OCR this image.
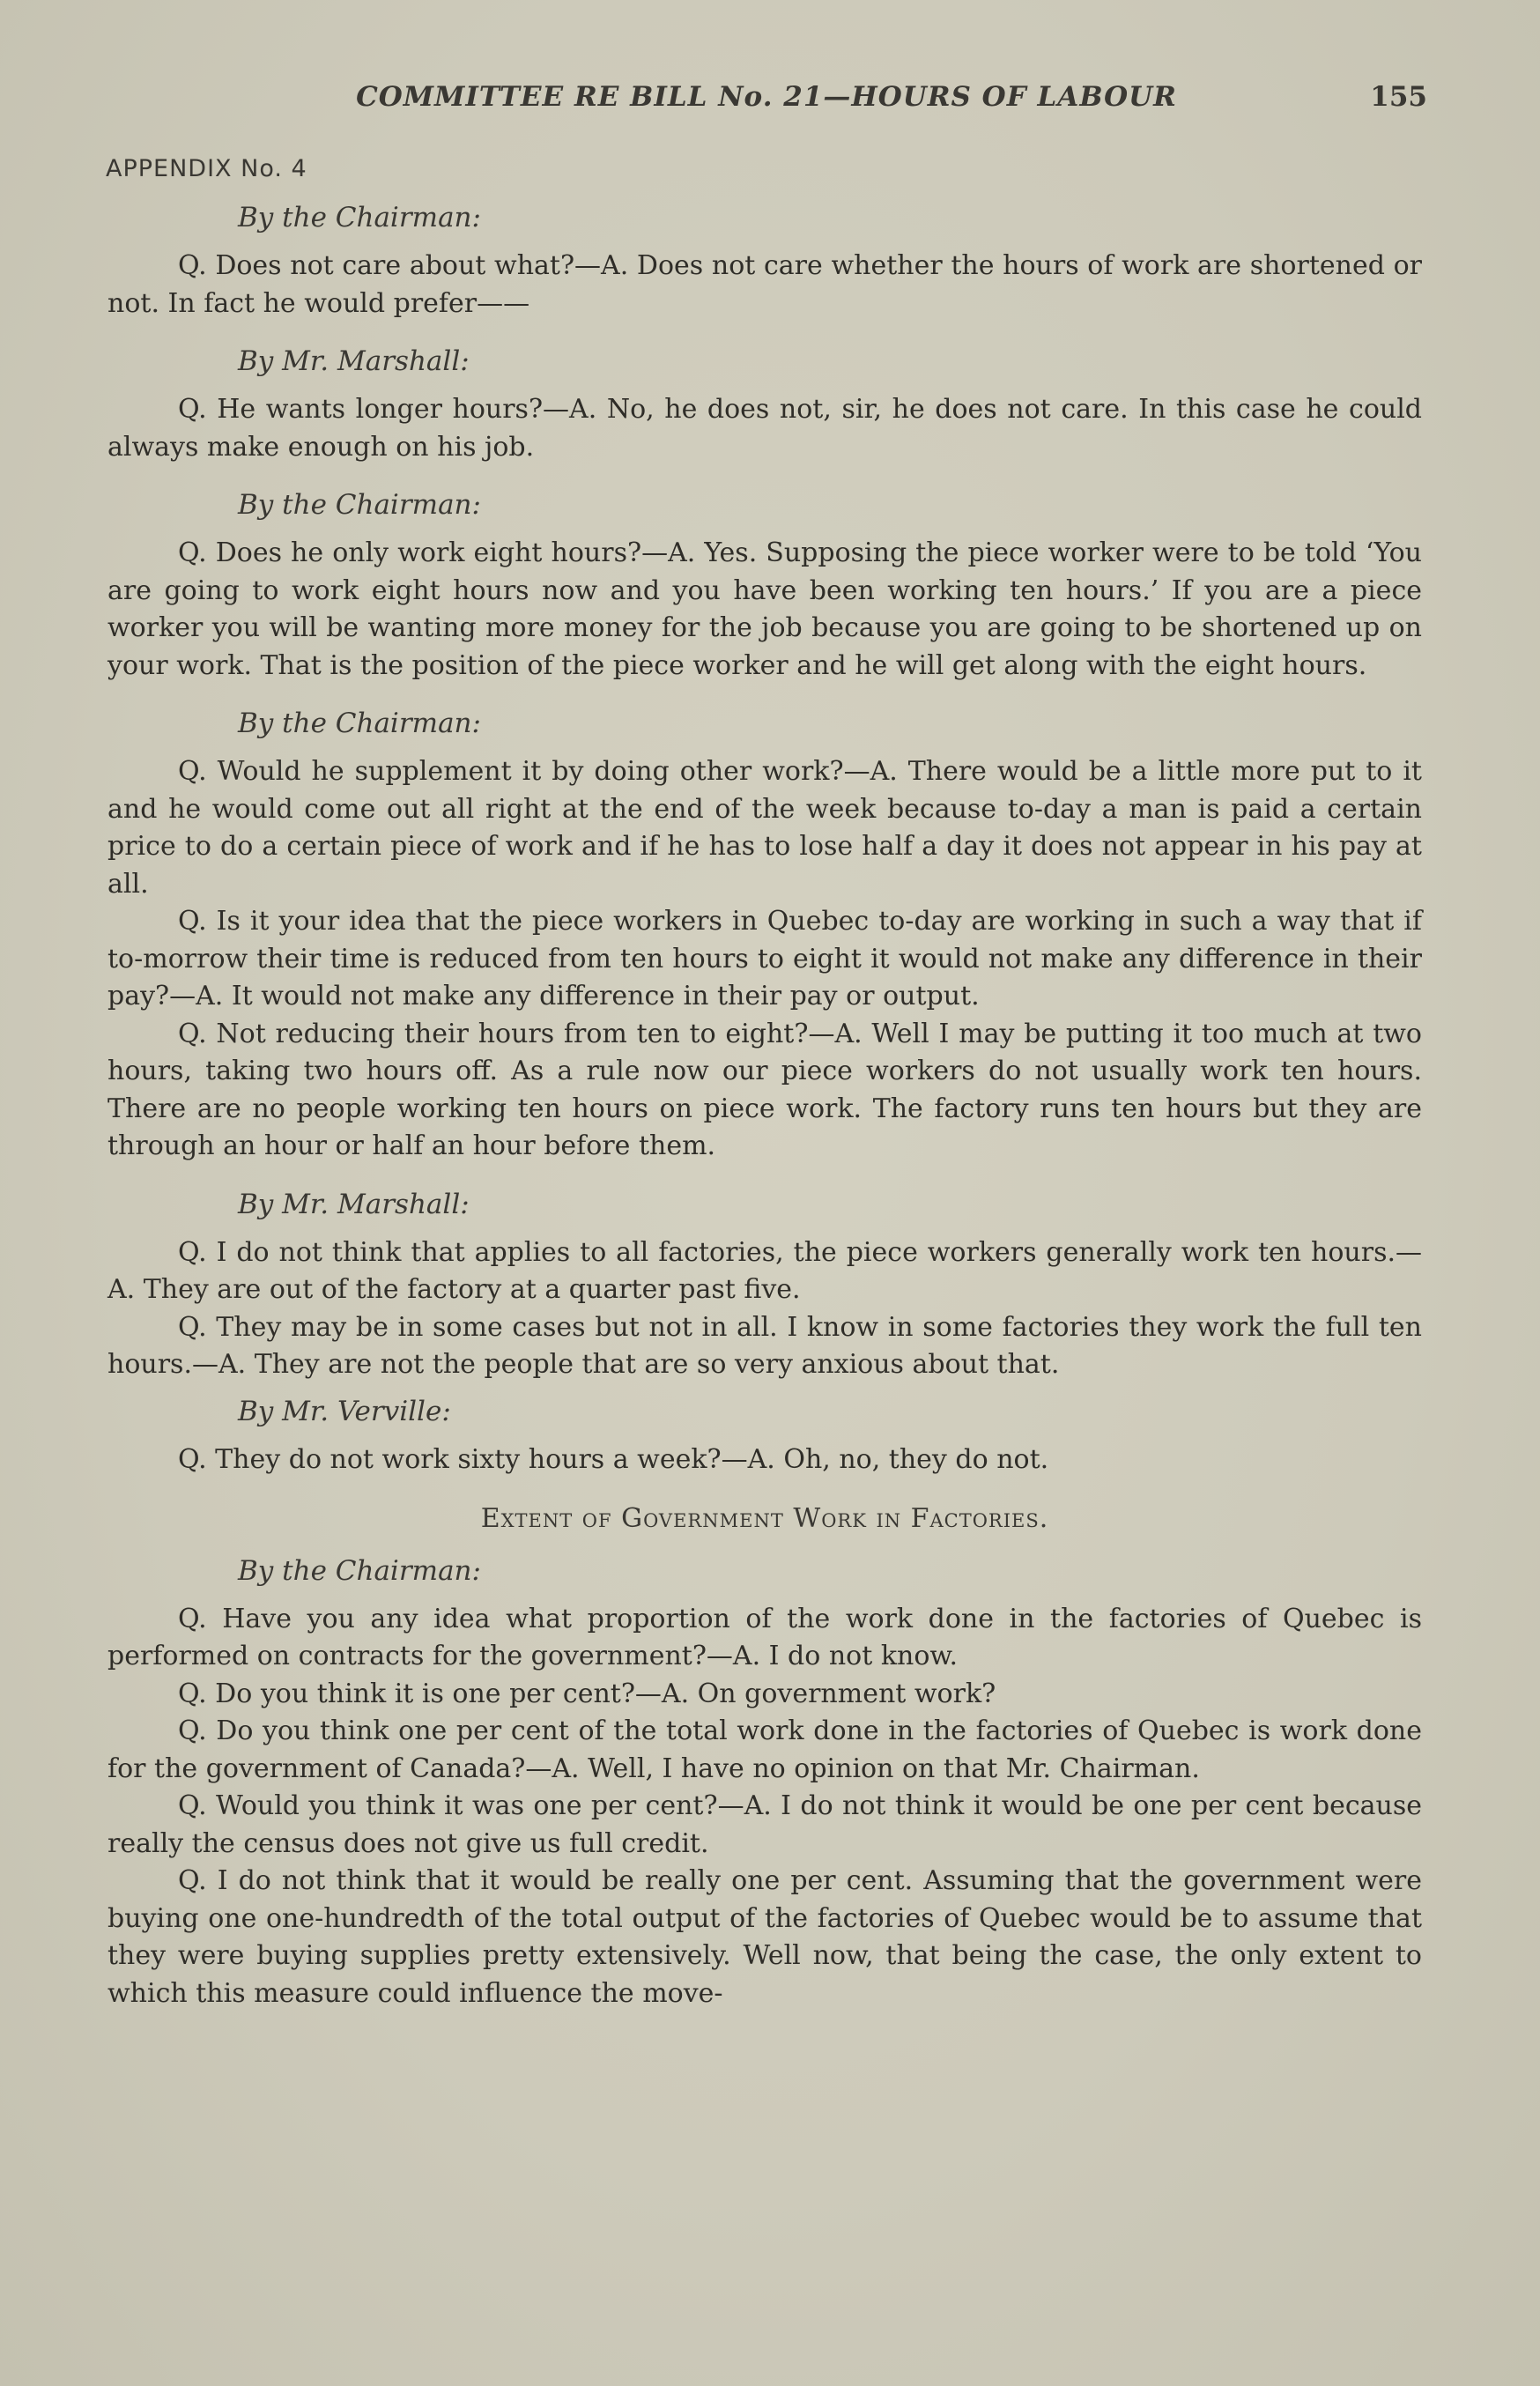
COMMITTEE RE BILL No. 21—HOURS OF LABOUR	155
APPENDIX No. 4
By the Chairman:

Q. Does not care about what?—A. Does not care whether the hours of work are shortened or not. In fact he would prefer——

By Mr. Marshall:

Q. He wants longer hours?—A. No, he does not, sir, he does not care. In this case he could always make enough on his job.

By the Chairman:

Q. Does he only work eight hours?—A. Yes. Supposing the piece worker were to be told ‘You are going to work eight hours now and you have been working ten hours.’ If you are a piece worker you will be wanting more money for the job because you are going to be shortened up on your work. That is the position of the piece worker and he will get along with the eight hours.

By the Chairman:

Q. Would he supplement it by doing other work?—A. There would be a little more put to it and he would come out all right at the end of the week because to-day a man is paid a certain price to do a certain piece of work and if he has to lose half a day it does not appear in his pay at all.

Q. Is it your idea that the piece workers in Quebec to-day are working in such a way that if to-morrow their time is reduced from ten hours to eight it would not make any difference in their pay?—A. It would not make any difference in their pay or output.

Q. Not reducing their hours from ten to eight?—A. Well I may be putting it too much at two hours, taking two hours off. As a rule now our piece workers do not usually work ten hours. There are no people working ten hours on piece work. The factory runs ten hours but they are through an hour or half an hour before them.

By Mr. Marshall:

Q. I do not think that applies to all factories, the piece workers generally work ten hours.—A. They are out of the factory at a quarter past five.

Q. They may be in some cases but not in all. I know in some factories they work the full ten hours.—A. They are not the people that are so very anxious about that.

By Mr. Verville:

Q. They do not work sixty hours a week?—A. Oh, no, they do not.

Extent of Government Work in Factories.
By the Chairman:

Q. Have you any idea what proportion of the work done in the factories of Quebec is performed on contracts for the government?—A. I do not know.

Q. Do you think it is one per cent?—A. On government work?

Q. Do you think one per cent of the total work done in the factories of Quebec is work done for the government of Canada?—A. Well, I have no opinion on that Mr. Chairman.

Q. Would you think it was one per cent?—A. I do not think it would be one per cent because really the census does not give us full credit.

Q. I do not think that it would be really one per cent. Assuming that the government were buying one one-hundredth of the total output of the factories of Quebec would be to assume that they were buying supplies pretty extensively. Well now, that being the case, the only extent to which this measure could influence the move-
